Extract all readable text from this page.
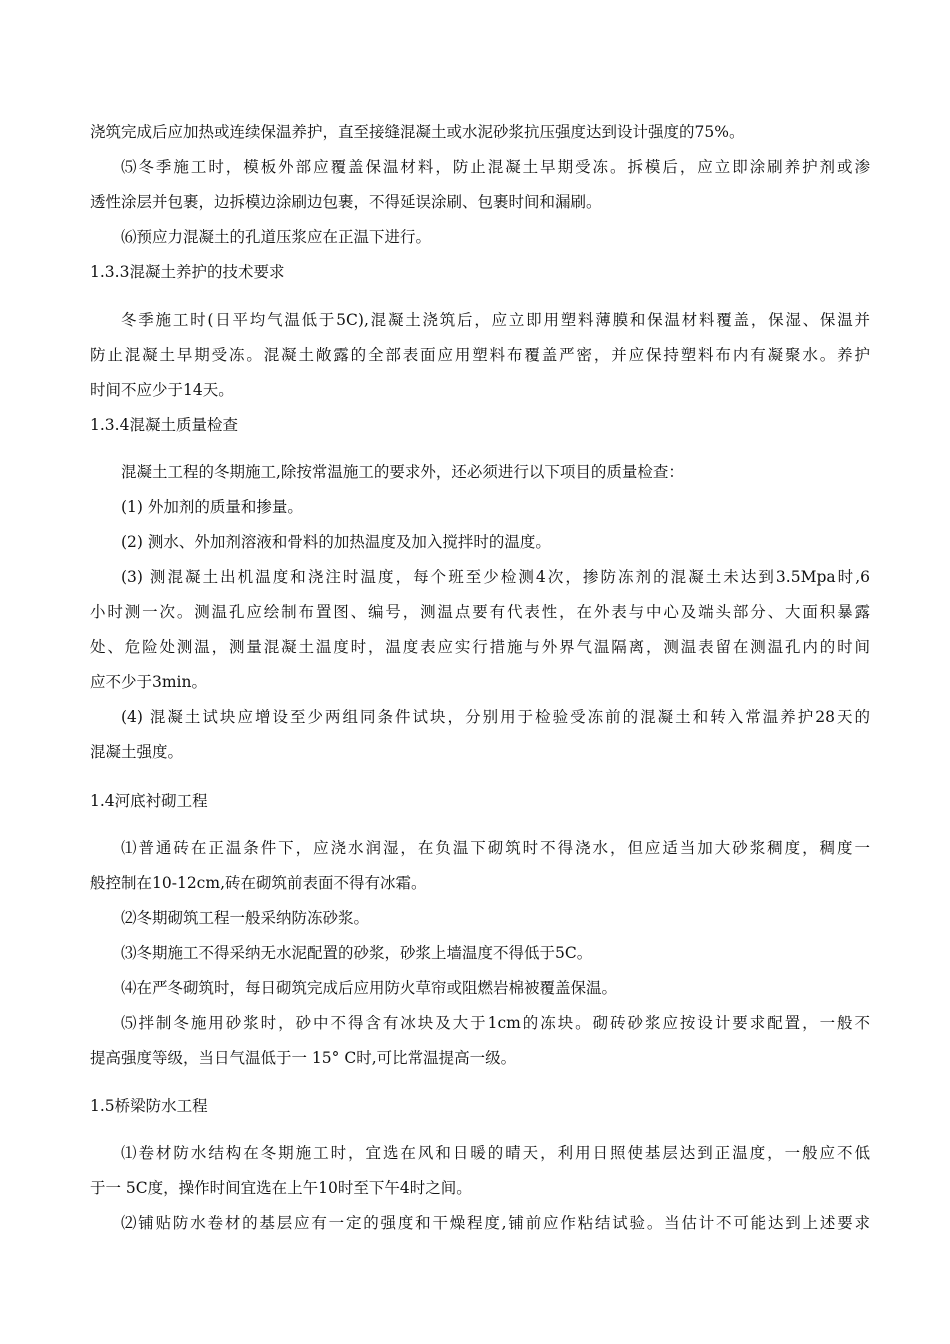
浇筑完成后应加热或连续保温养护，直至接缝混凝土或水泥砂浆抗压强度达到设计强度的75%。
⑸冬季施工时，模板外部应覆盖保温材料，防止混凝土早期受冻。拆模后，应立即涂刷养护剂或渗
透性涂层并包裹，边拆模边涂刷边包裹，不得延误涂刷、包裹时间和漏刷。
⑹预应力混凝土的孔道压浆应在正温下进行。
1.3.3混凝土养护的技术要求
冬季施工时(日平均气温低于5C),混凝土浇筑后，应立即用塑料薄膜和保温材料覆盖，保湿、保温并
防止混凝土早期受冻。混凝土敞露的全部表面应用塑料布覆盖严密，并应保持塑料布内有凝聚水。养护
时间不应少于14天。
1.3.4混凝土质量检查
混凝土工程的冬期施工,除按常温施工的要求外，还必须进行以下项目的质量检查：
(1) 外加剂的质量和掺量。
(2) 测水、外加剂溶液和骨料的加热温度及加入搅拌时的温度。
(3) 测混凝土出机温度和浇注时温度，每个班至少检测4次，掺防冻剂的混凝土未达到3.5Mpa时,6
小时测一次。测温孔应绘制布置图、编号，测温点要有代表性，在外表与中心及端头部分、大面积暴露
处、危险处测温，测量混凝土温度时，温度表应实行措施与外界气温隔离，测温表留在测温孔内的时间
应不少于3min。
(4) 混凝土试块应增设至少两组同条件试块，分别用于检验受冻前的混凝土和转入常温养护28天的
混凝土强度。
1.4河底衬砌工程
⑴普通砖在正温条件下，应浇水润湿，在负温下砌筑时不得浇水，但应适当加大砂浆稠度，稠度一
般控制在10-12cm,砖在砌筑前表面不得有冰霜。
⑵冬期砌筑工程一般采纳防冻砂浆。
⑶冬期施工不得采纳无水泥配置的砂浆，砂浆上墙温度不得低于5C。
⑷在严冬砌筑时，每日砌筑完成后应用防火草帘或阻燃岩棉被覆盖保温。
⑸拌制冬施用砂浆时，砂中不得含有冰块及大于1cm的冻块。砌砖砂浆应按设计要求配置，一般不
提高强度等级，当日气温低于一 15° C时,可比常温提高一级。
1.5桥梁防水工程
⑴卷材防水结构在冬期施工时，宜选在风和日暖的晴天，利用日照使基层达到正温度，一般应不低
于一 5C度，操作时间宜选在上午10时至下午4时之间。
⑵铺贴防水卷材的基层应有一定的强度和干燥程度,铺前应作粘结试验。当估计不可能达到上述要求
